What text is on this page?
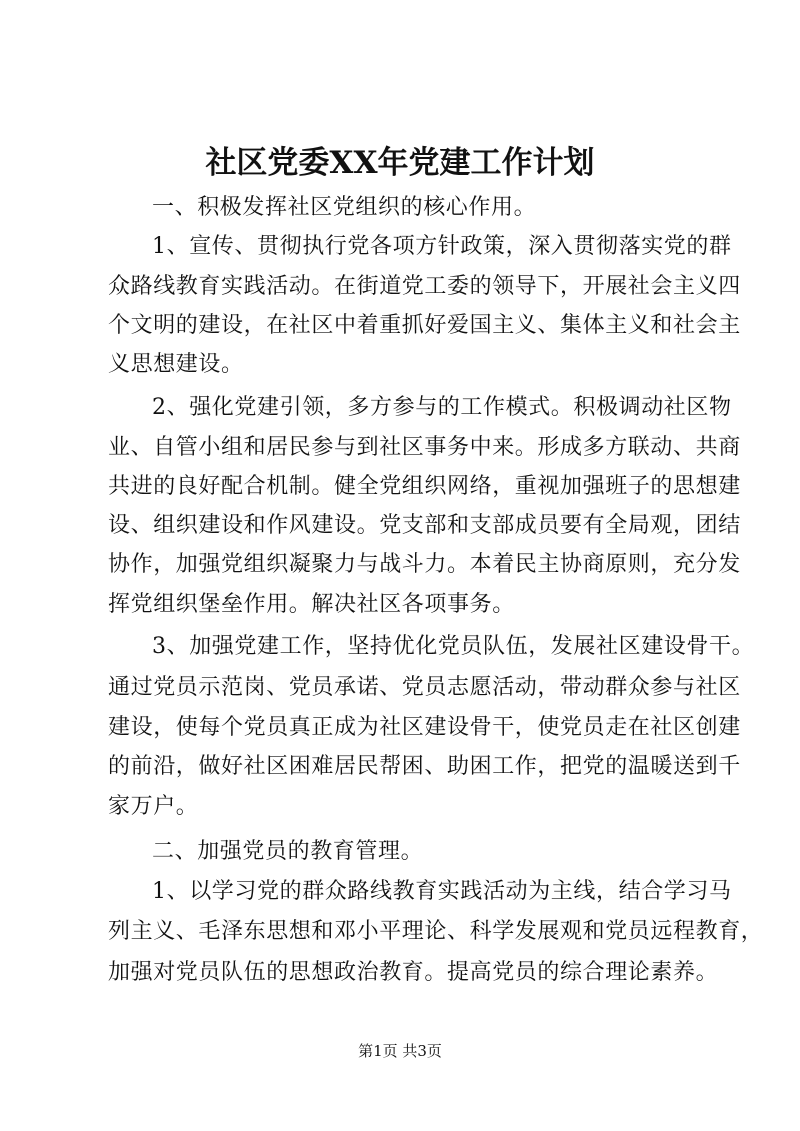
社区党委XX年党建工作计划
一、积极发挥社区党组织的核心作用。
1、宣传、贯彻执行党各项方针政策，深入贯彻落实党的群
众路线教育实践活动。在街道党工委的领导下，开展社会主义四
个文明的建设，在社区中着重抓好爱国主义、集体主义和社会主
义思想建设。
2、强化党建引领，多方参与的工作模式。积极调动社区物
业、自管小组和居民参与到社区事务中来。形成多方联动、共商
共进的良好配合机制。健全党组织网络，重视加强班子的思想建
设、组织建设和作风建设。党支部和支部成员要有全局观，团结
协作，加强党组织凝聚力与战斗力。本着民主协商原则，充分发
挥党组织堡垒作用。解决社区各项事务。
3、加强党建工作，坚持优化党员队伍，发展社区建设骨干。
通过党员示范岗、党员承诺、党员志愿活动，带动群众参与社区
建设，使每个党员真正成为社区建设骨干，使党员走在社区创建
的前沿，做好社区困难居民帮困、助困工作，把党的温暖送到千
家万户。
二、加强党员的教育管理。
1、以学习党的群众路线教育实践活动为主线，结合学习马
列主义、毛泽东思想和邓小平理论、科学发展观和党员远程教育，
加强对党员队伍的思想政治教育。提高党员的综合理论素养。
第1页 共3页
